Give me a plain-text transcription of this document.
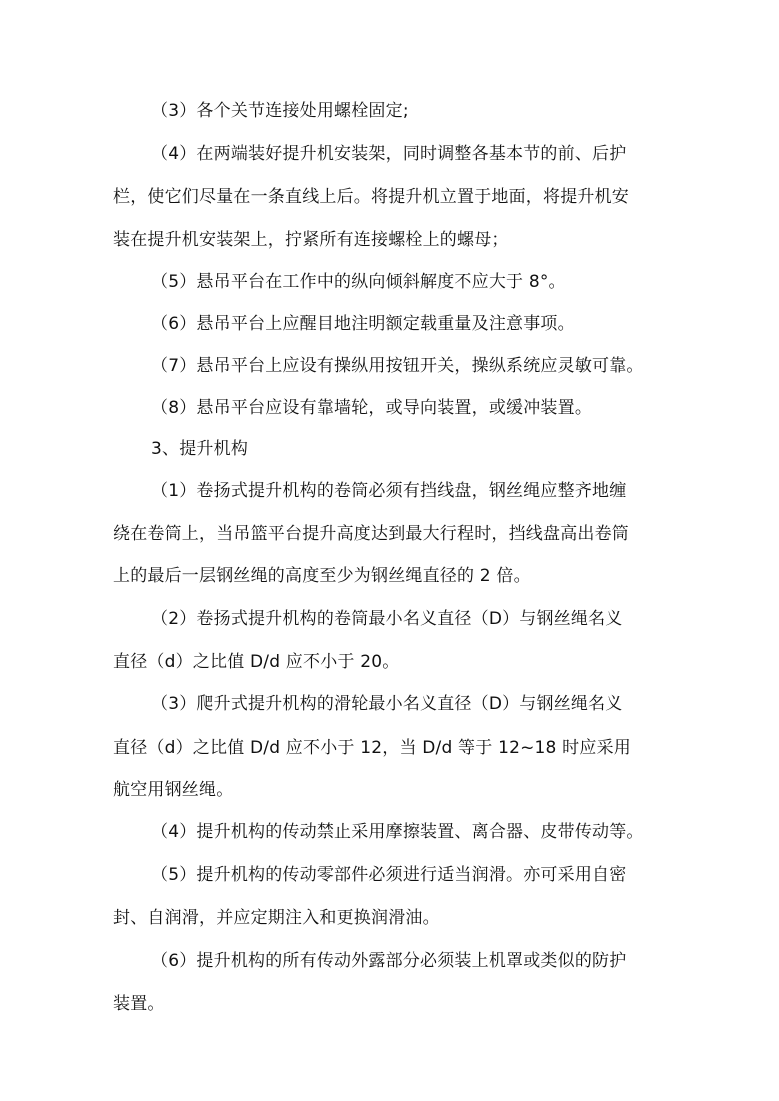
（3）各个关节连接处用螺栓固定;
（4）在两端装好提升机安装架，同时调整各基本节的前、后护
栏，使它们尽量在一条直线上后。将提升机立置于地面，将提升机安
装在提升机安装架上，拧紧所有连接螺栓上的螺母；
（5）悬吊平台在工作中的纵向倾斜解度不应大于 8°。
（6）悬吊平台上应醒目地注明额定载重量及注意事项。
（7）悬吊平台上应设有操纵用按钮开关，操纵系统应灵敏可靠。
（8）悬吊平台应设有靠墙轮，或导向装置，或缓冲装置。
3、提升机构
（1）卷扬式提升机构的卷筒必须有挡线盘，钢丝绳应整齐地缠
绕在卷筒上，当吊篮平台提升高度达到最大行程时，挡线盘高出卷筒
上的最后一层钢丝绳的高度至少为钢丝绳直径的 2 倍。
（2）卷扬式提升机构的卷筒最小名义直径（D）与钢丝绳名义
直径（d）之比值 D/d 应不小于 20。
（3）爬升式提升机构的滑轮最小名义直径（D）与钢丝绳名义
直径（d）之比值 D/d 应不小于 12，当 D/d 等于 12~18 时应采用
航空用钢丝绳。
（4）提升机构的传动禁止采用摩擦装置、离合器、皮带传动等。
（5）提升机构的传动零部件必须进行适当润滑。亦可采用自密
封、自润滑，并应定期注入和更换润滑油。
（6）提升机构的所有传动外露部分必须装上机罩或类似的防护
装置。
